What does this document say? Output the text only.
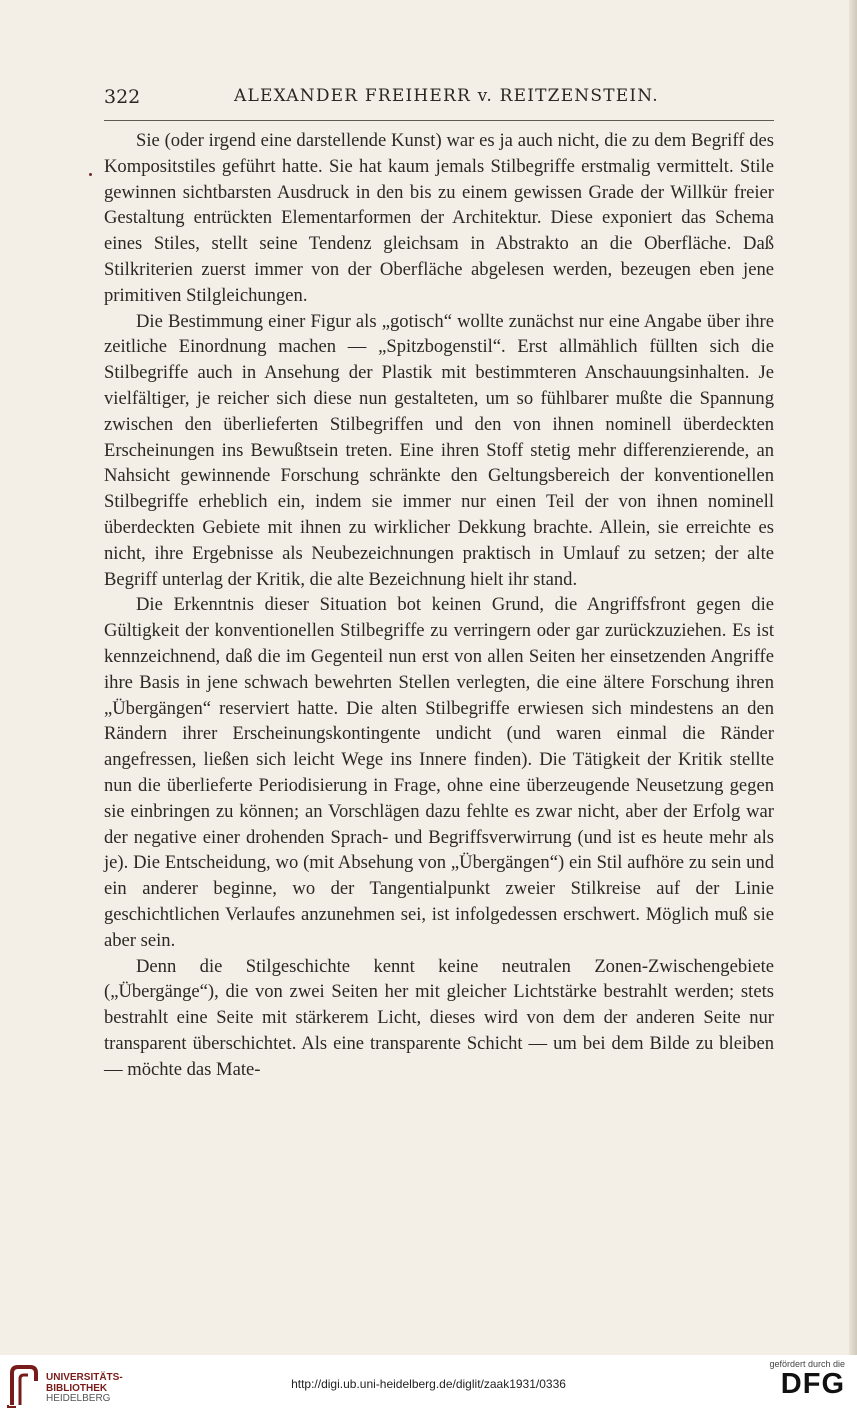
322	ALEXANDER FREIHERR v. REITZENSTEIN.

Sie (oder irgend eine darstellende Kunst) war es ja auch nicht, die zu dem Begriff des Kompositstiles geführt hatte. Sie hat kaum jemals Stilbegriffe erstmalig vermittelt. Stile gewinnen sichtbarsten Ausdruck in den bis zu einem gewissen Grade der Willkür freier Gestaltung entrückten Elementarformen der Architektur. Diese exponiert das Schema eines Stiles, stellt seine Tendenz gleichsam in Abstrakto an die Oberfläche. Daß Stilkriterien zuerst immer von der Oberfläche abgelesen werden, bezeugen eben jene primitiven Stilgleichungen.

Die Bestimmung einer Figur als „gotisch“ wollte zunächst nur eine Angabe über ihre zeitliche Einordnung machen — „Spitzbogenstil“. Erst allmählich füllten sich die Stilbegriffe auch in Ansehung der Plastik mit bestimmteren Anschauungsinhalten. Je vielfältiger, je reicher sich diese nun gestalteten, um so fühlbarer mußte die Spannung zwischen den überlieferten Stilbegriffen und den von ihnen nominell überdeckten Erscheinungen ins Bewußtsein treten. Eine ihren Stoff stetig mehr differenzierende, an Nahsicht gewinnende Forschung schränkte den Geltungsbereich der konventionellen Stilbegriffe erheblich ein, indem sie immer nur einen Teil der von ihnen nominell überdeckten Gebiete mit ihnen zu wirklicher Dekkung brachte. Allein, sie erreichte es nicht, ihre Ergebnisse als Neubezeichnungen praktisch in Umlauf zu setzen; der alte Begriff unterlag der Kritik, die alte Bezeichnung hielt ihr stand.

Die Erkenntnis dieser Situation bot keinen Grund, die Angriffsfront gegen die Gültigkeit der konventionellen Stilbegriffe zu verringern oder gar zurückzuziehen. Es ist kennzeichnend, daß die im Gegenteil nun erst von allen Seiten her einsetzenden Angriffe ihre Basis in jene schwach bewehrten Stellen verlegten, die eine ältere Forschung ihren „Übergängen“ reserviert hatte. Die alten Stilbegriffe erwiesen sich mindestens an den Rändern ihrer Erscheinungskontingente undicht (und waren einmal die Ränder angefressen, ließen sich leicht Wege ins Innere finden). Die Tätigkeit der Kritik stellte nun die überlieferte Periodisierung in Frage, ohne eine überzeugende Neusetzung gegen sie einbringen zu können; an Vorschlägen dazu fehlte es zwar nicht, aber der Erfolg war der negative einer drohenden Sprach- und Begriffsverwirrung (und ist es heute mehr als je). Die Entscheidung, wo (mit Absehung von „Übergängen“) ein Stil aufhöre zu sein und ein anderer beginne, wo der Tangentialpunkt zweier Stilkreise auf der Linie geschichtlichen Verlaufes anzunehmen sei, ist infolgedessen erschwert. Möglich muß sie aber sein.

Denn die Stilgeschichte kennt keine neutralen Zonen-Zwischengebiete („Übergänge“), die von zwei Seiten her mit gleicher Lichtstärke bestrahlt werden; stets bestrahlt eine Seite mit stärkerem Licht, dieses wird von dem der anderen Seite nur transparent überschichtet. Als eine transparente Schicht — um bei dem Bilde zu bleiben — möchte das Mate-

UNIVERSITÄTS-
BIBLIOTHEK
HEIDELBERG
http://digi.ub.uni-heidelberg.de/diglit/zaak1931/0336
gefördert durch die
DFG
